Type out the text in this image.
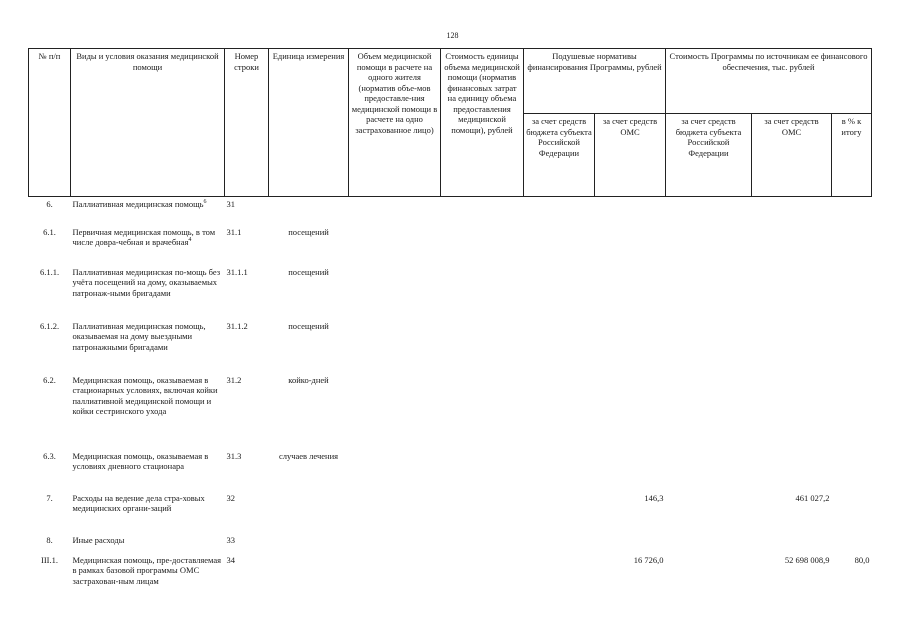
128
№ п/п	Виды и условия оказания медицинской помощи	Номер строки	Единица измерения	Объем медицинской помощи в расчете на одного жителя (норматив объе-мов предоставле-ния медицинской помощи в расчете на одно застрахованное лицо)	Стоимость единицы объема медицинской помощи (норматив финансовых затрат на единицу объема предоставления медицинской помощи), рублей	Подушевые нормативы финансирования Программы, рублей		Стоимость Программы по источникам ее финансового обеспечения, тыс. рублей		
						за счет средств бюджета субъекта Российской Федерации	за счет средств ОМС	за счет средств бюджета субъекта Российской Федерации	за счет средств ОМС	в % к итогу
6.	Паллиативная медицинская помощь$^6$	31								
6.1.	Первичная медицинская помощь, в том числе довра-чебная и врачебная$^4$	31.1	посещений							
6.1.1.	Паллиативная медицинская по-мощь без учёта посещений на дому, оказываемых патронаж-ными бригадами	31.1.1	посещений							
6.1.2.	Паллиативная медицинская помощь, оказываемая на дому выездными патронажными бригадами	31.1.2	посещений							
6.2.	Медицинская помощь, оказываемая в стационарных условиях, включая койки паллиативной медицинской помощи и койки сестринского ухода	31.2	койко-дней							
6.3.	Медицинская помощь, оказываемая в условиях дневного стационара	31.3	случаев лечения							
7.	Расходы на ведение дела стра-ховых медицинских органи-заций	32					146,3		461 027,2	
8.	Иные расходы	33								
III.1.	Медицинская помощь, пре-доставляемая в рамках базовой программы ОМС застрахован-ным лицам	34					16 726,0		52 698 008,9	80,0
